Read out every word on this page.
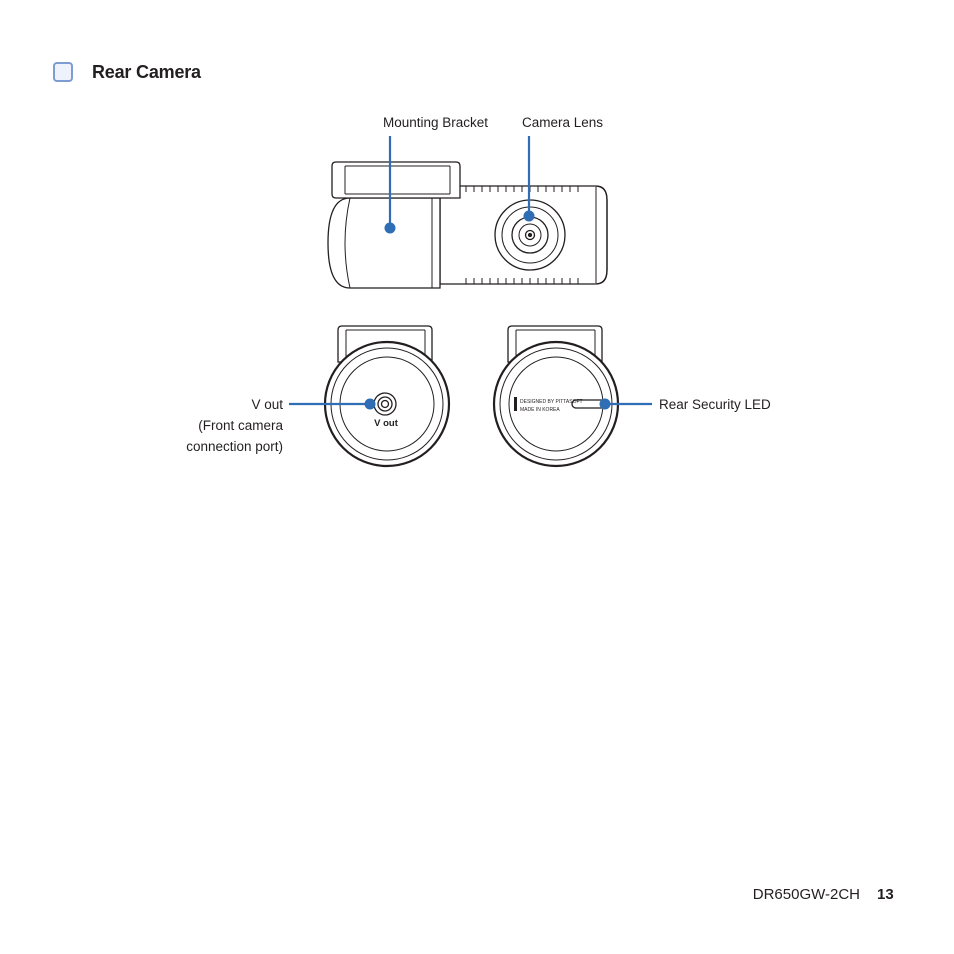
Rear Camera
V out
DESIGNED BY PITTASOFT
MADE IN KOREA
Mounting Bracket	Camera Lens
V out
(Front camera
connection port)
Rear Security LED
DR650GW-2CH 13
